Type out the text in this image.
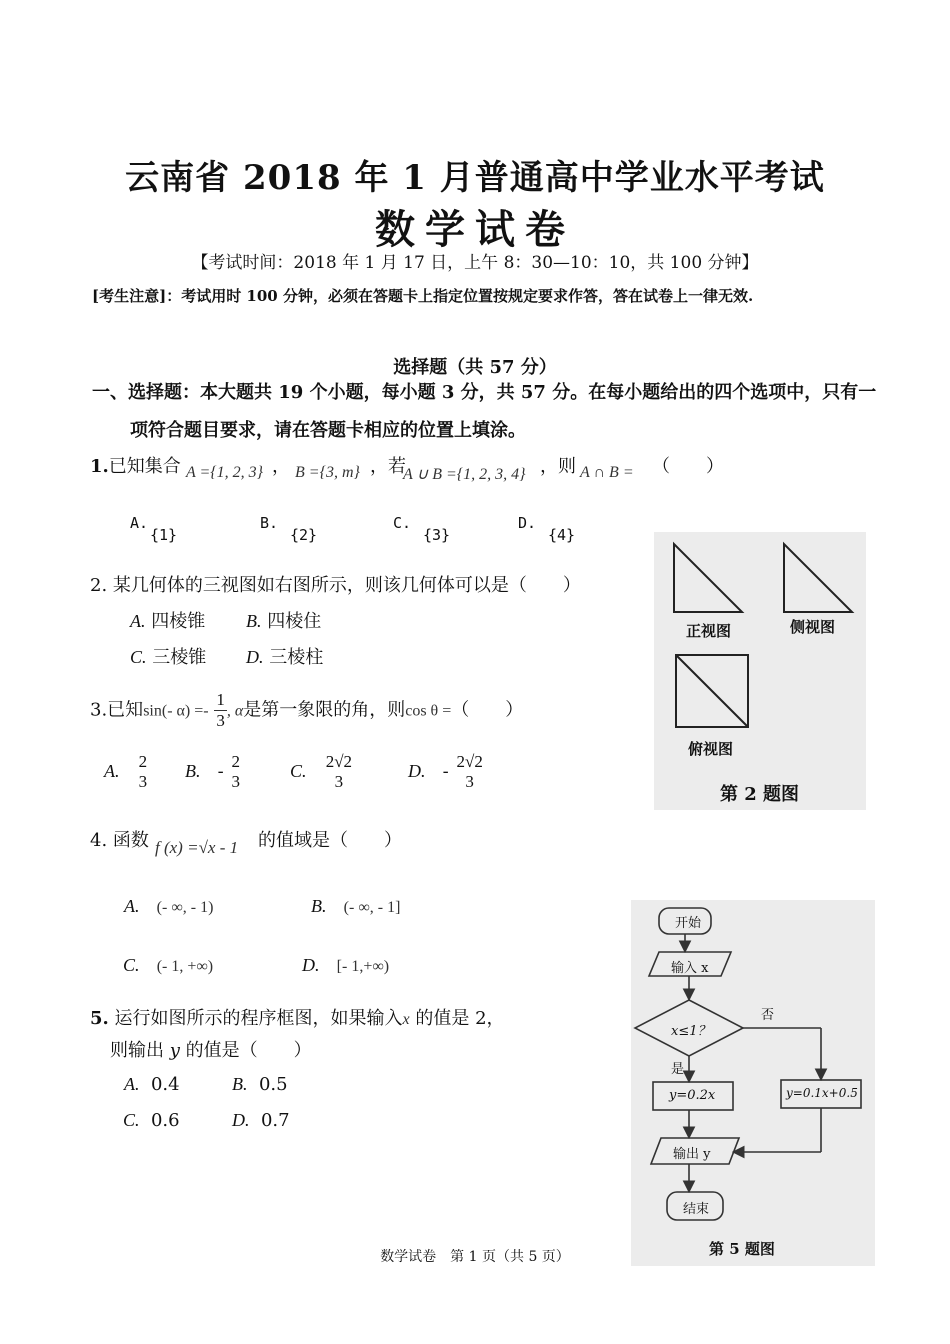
云南省 2018 年 1 月普通高中学业水平考试
数学试卷
【考试时间：2018 年 1 月 17 日，上午 8：30—10：10，共 100 分钟】
[考生注意]：考试用时 100 分钟，必须在答题卡上指定位置按规定要求作答，答在试卷上一律无效.
选择题（共 57 分）
一、选择题：本大题共 19 个小题，每小题 3 分，共 57 分。在每小题给出的四个选项中，只有一
项符合题目要求，请在答题卡相应的位置上填涂。
1.已知集合 A ={1, 2, 3} ， B ={3, m} ，若
A ∪ B ={1, 2, 3, 4} ，则 A ∩ B = （　　）
A.
{1}
B.
{2}
C.
{3}
D.
{4}
2. 某几何体的三视图如右图所示，则该几何体可以是（　　）
A. 四棱锥 B. 四棱住
C. 三棱锥 D. 三棱柱
正视图	侧视图
俯视图
第 2 题图
3.已知sin(- $\alpha) =- \frac{1}{3}$ , α是第一象限的角，则cos θ =（　　）
A. 2
3
B. - 2
3
C. 2√2
3
D. - 2√2
3
4. 函数 f (x) =√x - 1 的值域是（　　）
A. (- ∞, - 1)	B. (- ∞, - 1]
C. (- 1, +∞)	D. [- 1,+∞)
5. 运行如图所示的程序框图，如果输入x 的值是 2，
则输出 y 的值是（　　）
A. 0.4	B. 0.5
C. 0.6	D. 0.7
开始
输入 x
x≤1？
否
是
y=0.2x	y=0.1x+0.5
输出 y
结束
第 5 题图
数学试卷　第 1 页（共 5 页）
